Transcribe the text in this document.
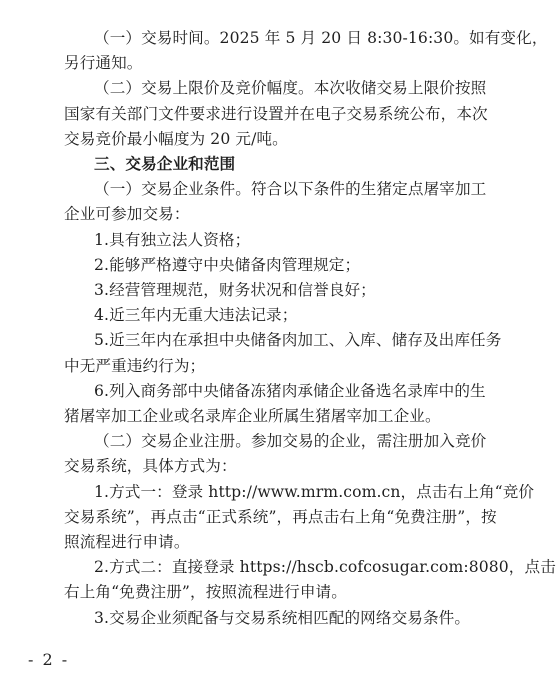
（一）交易时间。2025 年 5 月 20 日 8:30-16:30。如有变化，
另行通知。
（二）交易上限价及竞价幅度。本次收储交易上限价按照
国家有关部门文件要求进行设置并在电子交易系统公布，本次
交易竞价最小幅度为 20 元/吨。
三、交易企业和范围
（一）交易企业条件。符合以下条件的生猪定点屠宰加工
企业可参加交易：
1.具有独立法人资格；
2.能够严格遵守中央储备肉管理规定；
3.经营管理规范，财务状况和信誉良好；
4.近三年内无重大违法记录；
5.近三年内在承担中央储备肉加工、入库、储存及出库任务
中无严重违约行为；
6.列入商务部中央储备冻猪肉承储企业备选名录库中的生
猪屠宰加工企业或名录库企业所属生猪屠宰加工企业。
（二）交易企业注册。参加交易的企业，需注册加入竞价
交易系统，具体方式为：
1.方式一：登录 http://www.mrm.com.cn，点击右上角“竞价
交易系统”，再点击“正式系统”，再点击右上角“免费注册”，按
照流程进行申请。
2.方式二：直接登录 https://hscb.cofcosugar.com:8080，点击
右上角“免费注册”，按照流程进行申请。
3.交易企业须配备与交易系统相匹配的网络交易条件。
- 2 -
